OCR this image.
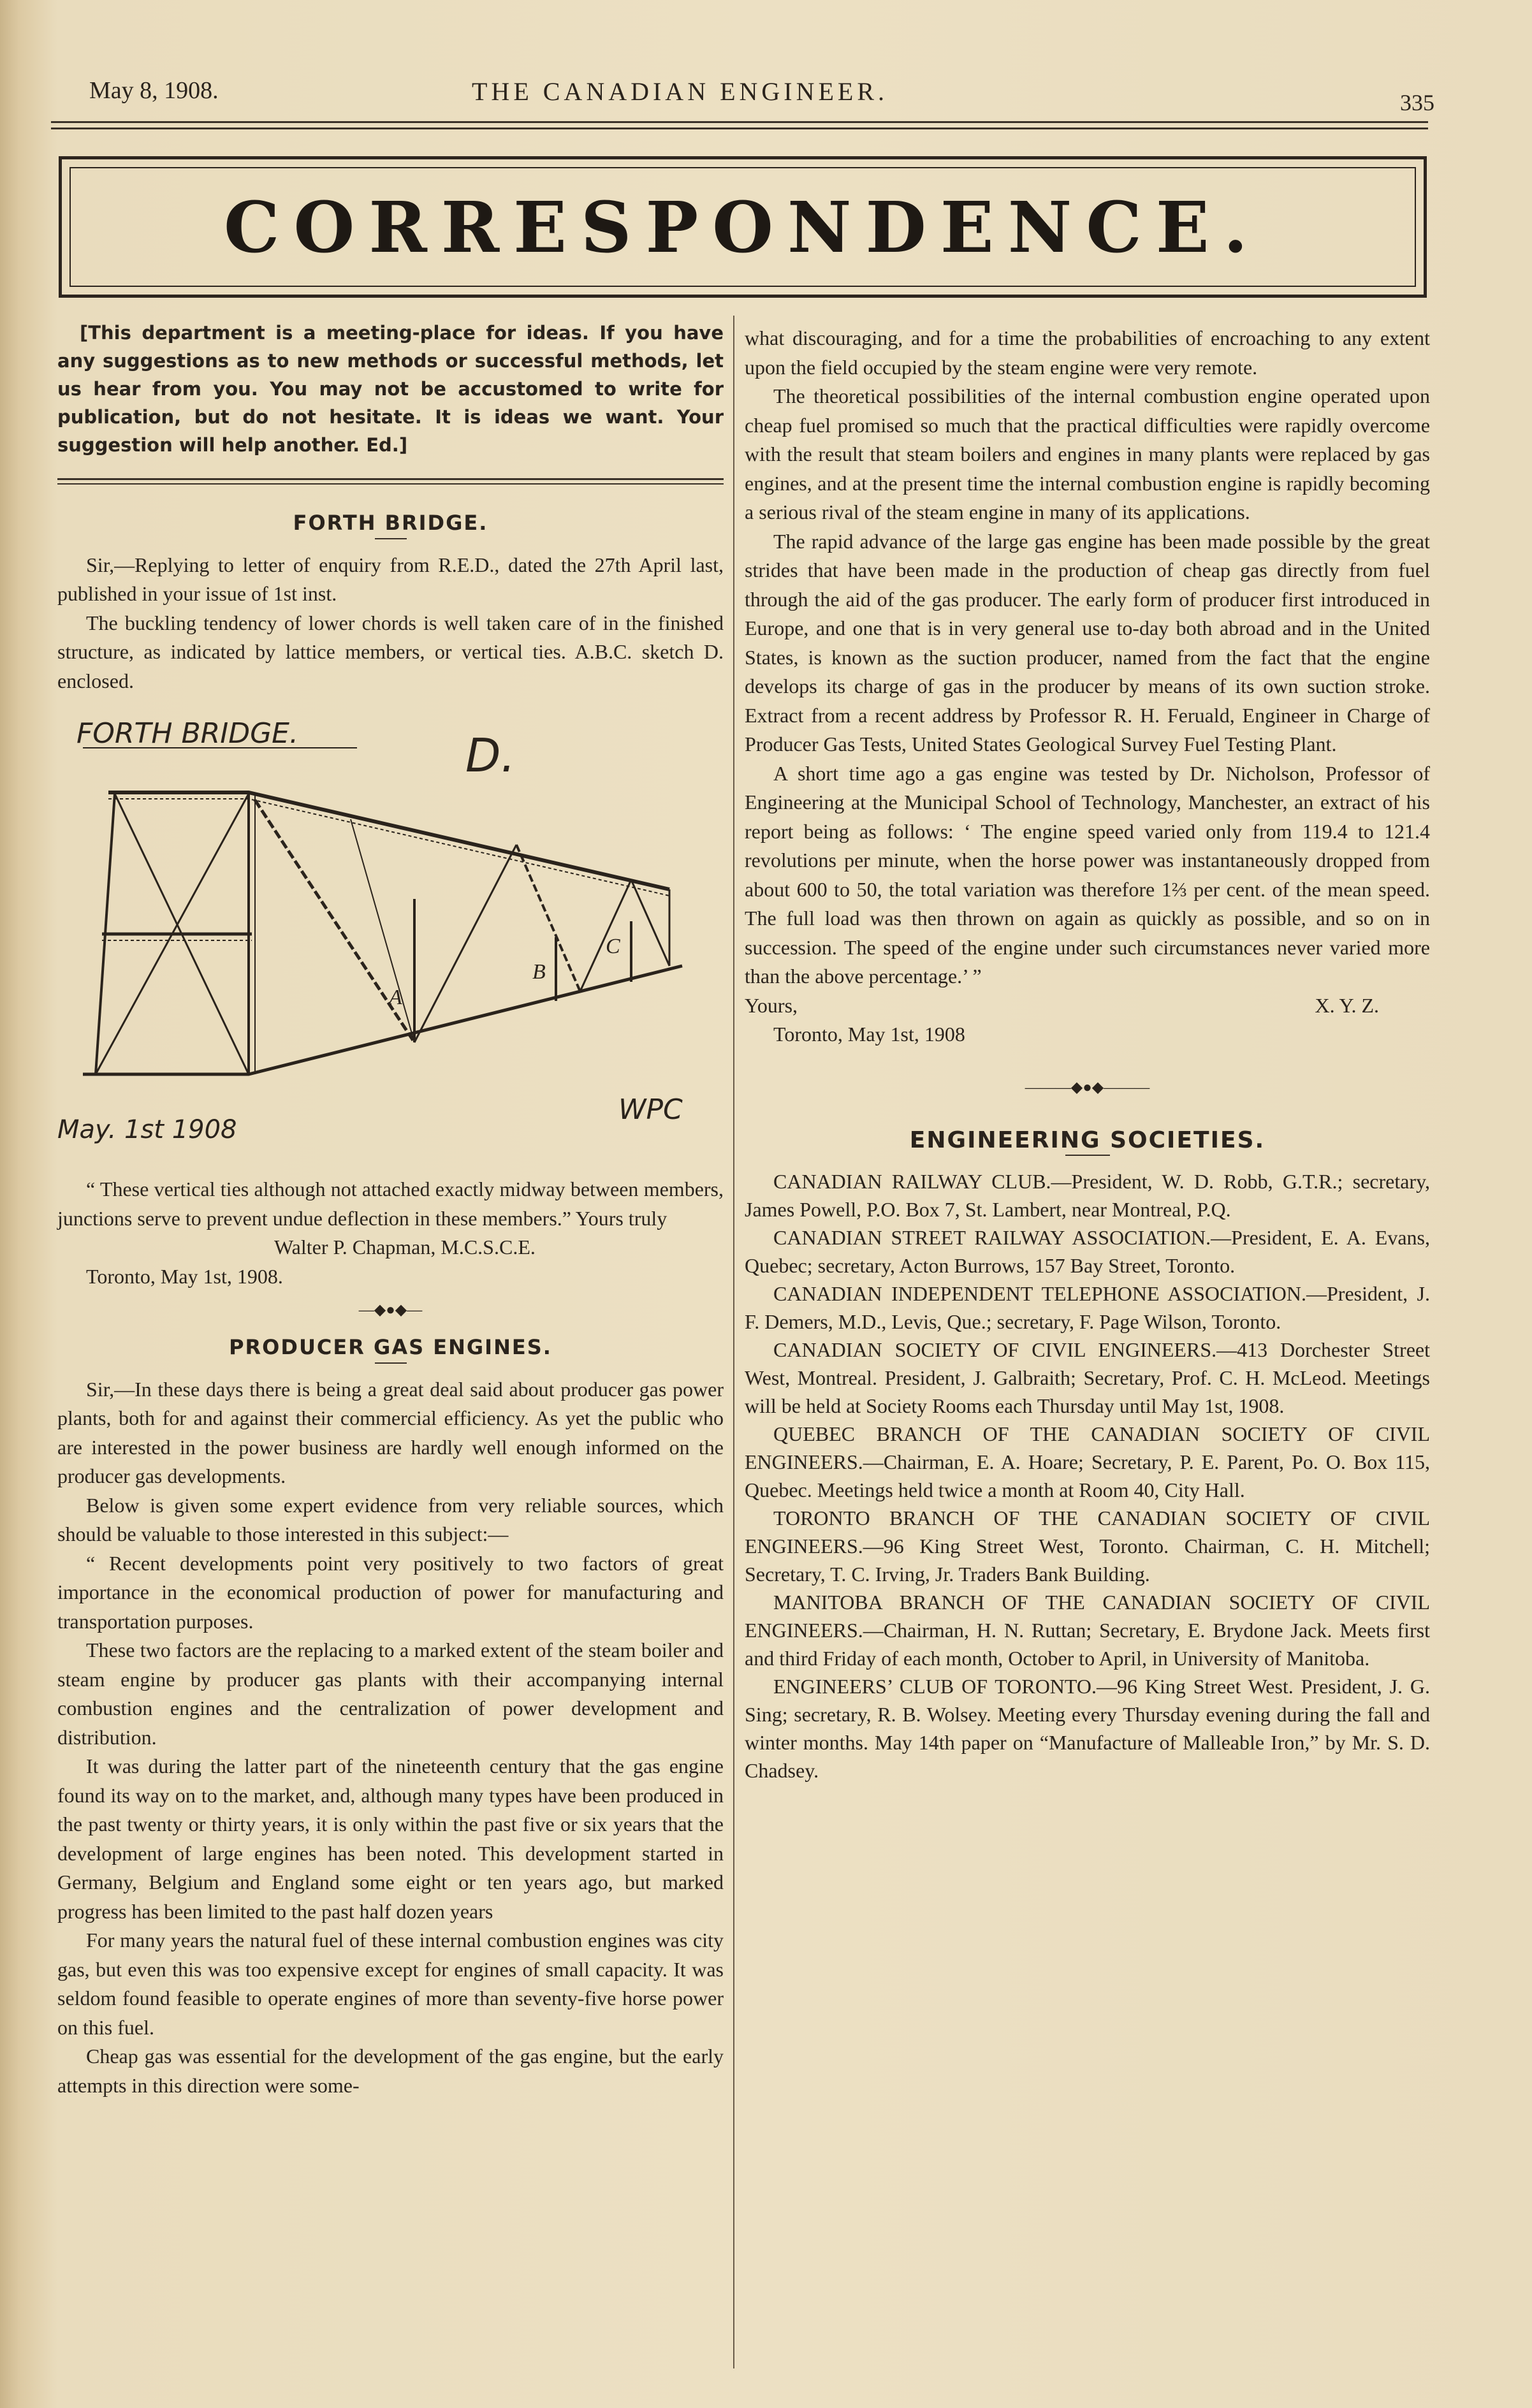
May 8, 1908.	THE CANADIAN ENGINEER.	335
CORRESPONDENCE.

[This department is a meeting-place for ideas. If you have any suggestions as to new methods or successful methods, let us hear from you. You may not be accustomed to write for publication, but do not hesitate. It is ideas we want. Your suggestion will help another. Ed.]

FORTH BRIDGE.

Sir,—Replying to letter of enquiry from R.E.D., dated the 27th April last, published in your issue of 1st inst.

The buckling tendency of lower chords is well taken care of in the finished structure, as indicated by lattice members, or vertical ties. A.B.C. sketch D. enclosed.

FORTH BRIDGE.	D.
A
B
C
May. 1st 1908
WPC

“ These vertical ties although not attached exactly midway between members, junctions serve to prevent undue deflection in these members.” Yours truly

Walter P. Chapman, M.C.S.C.E.

Toronto, May 1st, 1908.

—◆●◆—

PRODUCER GAS ENGINES.

Sir,—In these days there is being a great deal said about producer gas power plants, both for and against their commercial efficiency. As yet the public who are interested in the power business are hardly well enough informed on the producer gas developments.

Below is given some expert evidence from very reliable sources, which should be valuable to those interested in this subject:—

“ Recent developments point very positively to two factors of great importance in the economical production of power for manufacturing and transportation purposes.

These two factors are the replacing to a marked extent of the steam boiler and steam engine by producer gas plants with their accompanying internal combustion engines and the centralization of power development and distribution.

It was during the latter part of the nineteenth century that the gas engine found its way on to the market, and, although many types have been produced in the past twenty or thirty years, it is only within the past five or six years that the development of large engines has been noted. This development started in Germany, Belgium and England some eight or ten years ago, but marked progress has been limited to the past half dozen years

For many years the natural fuel of these internal combustion engines was city gas, but even this was too expensive except for engines of small capacity. It was seldom found feasible to operate engines of more than seventy-five horse power on this fuel.

Cheap gas was essential for the development of the gas engine, but the early attempts in this direction were some-

what discouraging, and for a time the probabilities of encroaching to any extent upon the field occupied by the steam engine were very remote.

The theoretical possibilities of the internal combustion engine operated upon cheap fuel promised so much that the practical difficulties were rapidly overcome with the result that steam boilers and engines in many plants were replaced by gas engines, and at the present time the internal combustion engine is rapidly becoming a serious rival of the steam engine in many of its applications.

The rapid advance of the large gas engine has been made possible by the great strides that have been made in the production of cheap gas directly from fuel through the aid of the gas producer. The early form of producer first introduced in Europe, and one that is in very general use to-day both abroad and in the United States, is known as the suction producer, named from the fact that the engine develops its charge of gas in the producer by means of its own suction stroke. Extract from a recent address by Professor R. H. Feruald, Engineer in Charge of Producer Gas Tests, United States Geological Survey Fuel Testing Plant.

A short time ago a gas engine was tested by Dr. Nicholson, Professor of Engineering at the Municipal School of Technology, Manchester, an extract of his report being as follows: ‘ The engine speed varied only from 119.4 to 121.4 revolutions per minute, when the horse power was instantaneously dropped from about 600 to 50, the total variation was therefore 1⅔ per cent. of the mean speed. The full load was then thrown on again as quickly as possible, and so on in succession. The speed of the engine under such circumstances never varied more than the above percentage.’ ”

Yours,	X. Y. Z.

Toronto, May 1st, 1908

———◆●◆———

ENGINEERING SOCIETIES.

CANADIAN RAILWAY CLUB.—President, W. D. Robb, G.T.R.; secretary, James Powell, P.O. Box 7, St. Lambert, near Montreal, P.Q.

CANADIAN STREET RAILWAY ASSOCIATION.—President, E. A. Evans, Quebec; secretary, Acton Burrows, 157 Bay Street, Toronto.

CANADIAN INDEPENDENT TELEPHONE ASSOCIATION.—President, J. F. Demers, M.D., Levis, Que.; secretary, F. Page Wilson, Toronto.

CANADIAN SOCIETY OF CIVIL ENGINEERS.—413 Dorchester Street West, Montreal. President, J. Galbraith; Secretary, Prof. C. H. McLeod. Meetings will be held at Society Rooms each Thursday until May 1st, 1908.

QUEBEC BRANCH OF THE CANADIAN SOCIETY OF CIVIL ENGINEERS.—Chairman, E. A. Hoare; Secretary, P. E. Parent, Po. O. Box 115, Quebec. Meetings held twice a month at Room 40, City Hall.

TORONTO BRANCH OF THE CANADIAN SOCIETY OF CIVIL ENGINEERS.—96 King Street West, Toronto. Chairman, C. H. Mitchell; Secretary, T. C. Irving, Jr. Traders Bank Building.

MANITOBA BRANCH OF THE CANADIAN SOCIETY OF CIVIL ENGINEERS.—Chairman, H. N. Ruttan; Secretary, E. Brydone Jack. Meets first and third Friday of each month, October to April, in University of Manitoba.

ENGINEERS’ CLUB OF TORONTO.—96 King Street West. President, J. G. Sing; secretary, R. B. Wolsey. Meeting every Thursday evening during the fall and winter months. May 14th paper on “Manufacture of Malleable Iron,” by Mr. S. D. Chadsey.
